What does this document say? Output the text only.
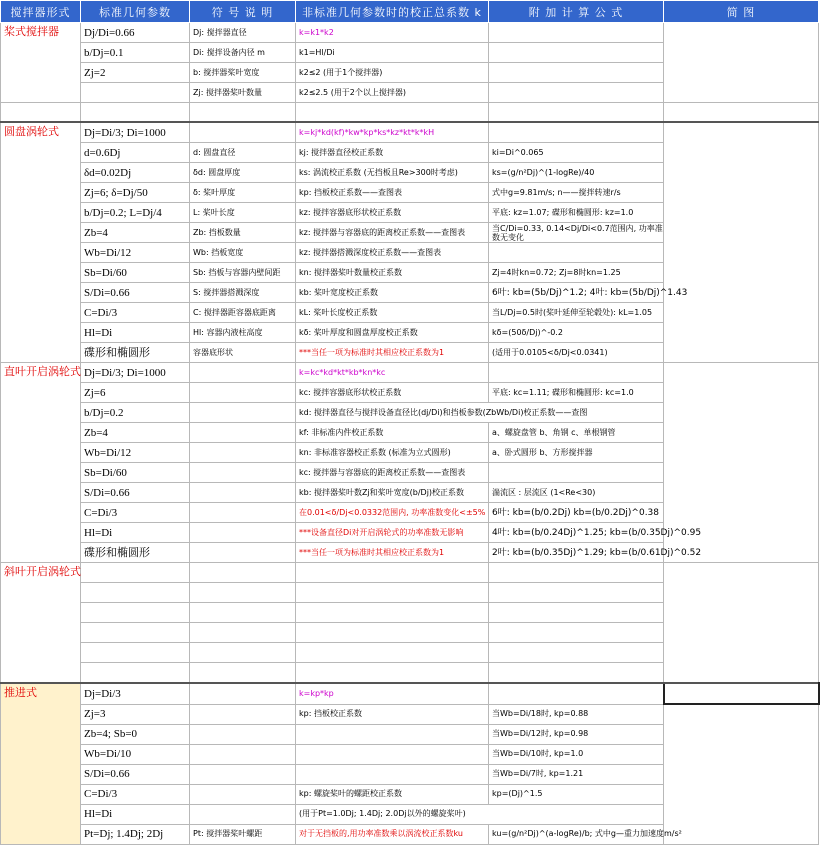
搅拌器形式	标准几何参数	符 号 说 明	非标准几何参数时的校正总系数 k	附 加 计 算 公 式	简 图
桨式搅拌器	Dj/Di=0.66	Dj: 搅拌器直径	k=k1*k2		
	b/Dj=0.1	Di: 搅拌设备内径 m	k1=Hl/Di		
	Zj=2	b: 搅拌器桨叶宽度	k2≤2 (用于1个搅拌器)		
		Zj: 搅拌器桨叶数量	k2≤2.5 (用于2个以上搅拌器)		

圆盘涡轮式	Dj=Di/3; Di=1000		k=kj*kd(kf)*kw*kp*ks*kz*kt*k*kH		
	d=0.6Dj	d: 圆盘直径	kj: 搅拌器直径校正系数	ki=Di^0.065	
	δd=0.02Dj	δd: 圆盘厚度	ks: 涡流校正系数 (无挡板且Re>300时考虑)	ks=(g/n²Dj)^(1-logRe)/40	
	Zj=6; δ=Dj/50	δ: 桨叶厚度	kp: 挡板校正系数——查图表	式中g=9.81m/s; n——搅拌转速r/s	
	b/Dj=0.2; L=Dj/4	L: 桨叶长度	kz: 搅拌容器底形状校正系数	平底: kz=1.07; 碟形和椭圆形: kz=1.0	
	Zb=4	Zb: 挡板数量	kz: 搅拌器与容器底的距离校正系数——查图表	当C/Di=0.33, 0.14<Dj/Di<0.7范围内, 功率准数无变化	
	Wb=Di/12	Wb: 挡板宽度	kz: 搅拌器搭溅深度校正系数——查图表		
	Sb=Di/60	Sb: 挡板与容器内壁间距	kn: 搅拌器桨叶数量校正系数	Zj=4时kn=0.72; Zj=8时kn=1.25	
	S/Di=0.66	S: 搅拌器搭溅深度	kb: 桨叶宽度校正系数	6叶: kb=(5b/Dj)^1.2; 4叶: kb=(5b/Dj)^1.43	
	C=Di/3	C: 搅拌器距容器底距离	kL: 桨叶长度校正系数	当L/Dj=0.5时(桨叶延伸至轮毂处): kL=1.05	
	Hl=Di	Hl: 容器内液柱高度	kδ: 桨叶厚度和圆盘厚度校正系数	kδ=(50δ/Dj)^-0.2	
	碟形和椭圆形	容器底形状	***当任一项为标准时其相应校正系数为1	(适用于0.0105<δ/Dj<0.0341)	
直叶开启涡轮式	Dj=Di/3; Di=1000		k=kc*kd*kt*kb*kn*kc		
	Zj=6		kc: 搅拌容器底形状校正系数	平底: kc=1.11; 碟形和椭圆形: kc=1.0	
	b/Dj=0.2		kd: 搅拌器直径与搅拌设备直径比(dj/Di)和挡板参数(ZbWb/Di)校正系数——查图		
	Zb=4		kf: 非标准内件校正系数	a、螺旋盘管 b、角钢 c、单根钢管	
	Wb=Di/12		kn: 非标准容器校正系数 (标准为立式圆形)	a、卧式圆形 b、方形搅拌器	
	Sb=Di/60		kc: 搅拌器与容器底的距离校正系数——查图表		
	S/Di=0.66		kb: 搅拌器桨叶数Zj和桨叶宽度(b/Dj)校正系数	湍流区 : 层流区 (1<Re<30)	
	C=Di/3		在0.01<δ/Dj<0.0332范围内, 功率准数变化<±5%	6叶: kb=(b/0.2Dj) kb=(b/0.2Dj)^0.38	
	Hl=Di		***设备直径Di对开启涡轮式的功率准数无影响	4叶: kb=(b/0.24Dj)^1.25; kb=(b/0.35Dj)^0.95	
	碟形和椭圆形		***当任一项为标准时其相应校正系数为1	2叶: kb=(b/0.35Dj)^1.29; kb=(b/0.61Dj)^0.52	
斜叶开启涡轮式					

推进式	Dj=Di/3		k=kp*kp		
	Zj=3		kp: 挡板校正系数	当Wb=Di/18时, kp=0.88	
	Zb=4; Sb=0			当Wb=Di/12时, kp=0.98	
	Wb=Di/10			当Wb=Di/10时, kp=1.0	
	S/Di=0.66			当Wb=Di/7时, kp=1.21	
	C=Di/3		kp: 螺旋桨叶的螺距校正系数	kp=(Dj)^1.5	
	Hl=Di		(用于Pt=1.0Dj; 1.4Dj; 2.0Dj以外的螺旋桨叶)		
	Pt=Dj; 1.4Dj; 2Dj	Pt: 搅拌器桨叶螺距	对于无挡板的,用功率准数乘以涡流校正系数ku	ku=(g/n²Dj)^(a-logRe)/b; 式中g—重力加速度m/s²	
